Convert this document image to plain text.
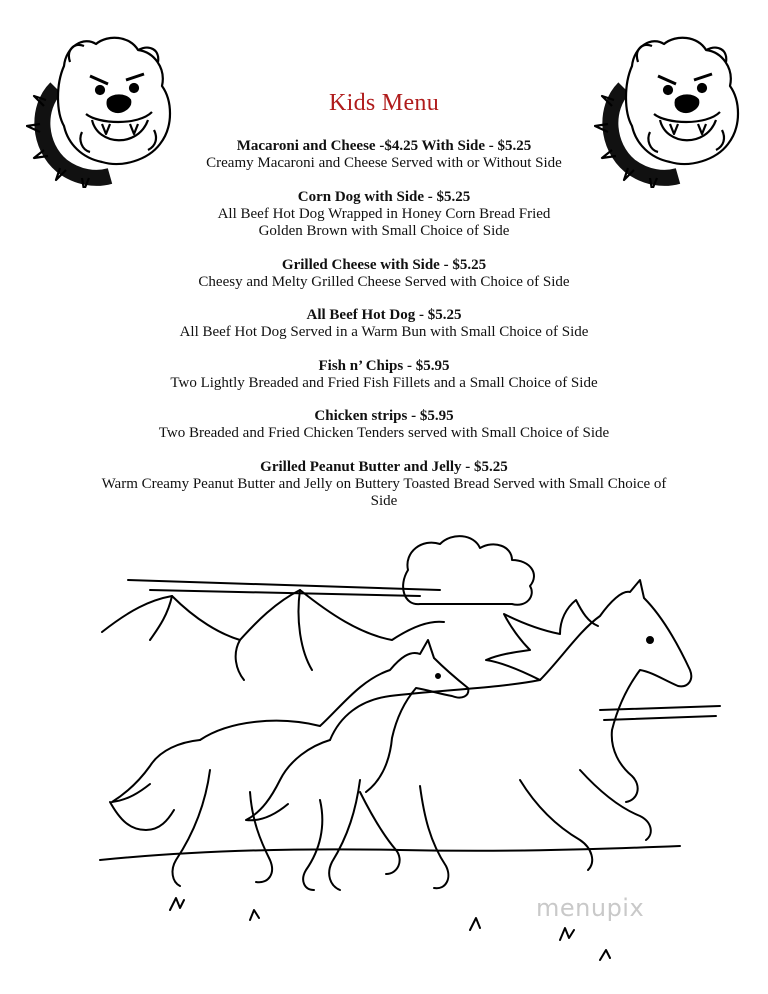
Kids Menu
Macaroni and Cheese -$4.25 With Side - $5.25
Creamy Macaroni and Cheese Served with or Without Side
Corn Dog with Side - $5.25
All Beef Hot Dog Wrapped in Honey Corn Bread Fried
Golden Brown with Small Choice of Side
Grilled Cheese with Side - $5.25
Cheesy and Melty Grilled Cheese Served with Choice of Side
All Beef Hot Dog - $5.25
All Beef Hot Dog Served in a Warm Bun with Small Choice of Side
Fish n’ Chips - $5.95
Two Lightly Breaded and Fried Fish Fillets and a Small Choice of Side
Chicken strips - $5.95
Two Breaded and Fried Chicken Tenders served with Small Choice of Side
Grilled Peanut Butter and Jelly - $5.25
Warm Creamy Peanut Butter and Jelly on Buttery Toasted Bread Served with Small Choice of
Side
menupix
